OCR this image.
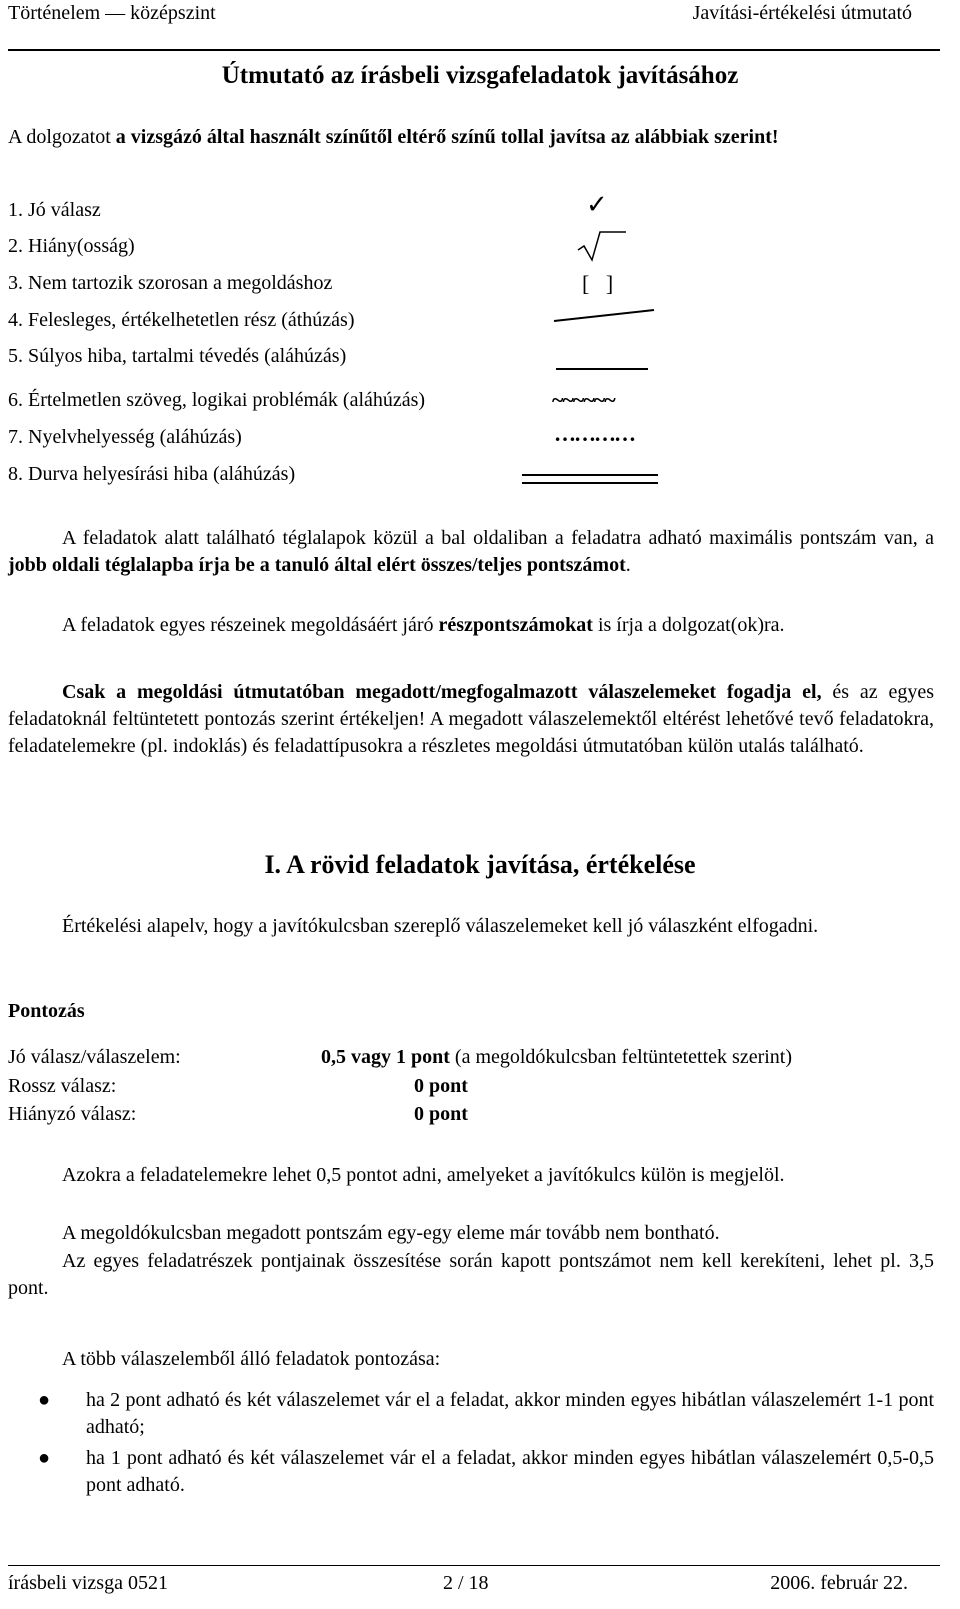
Történelem — középszint	Javítási-értékelési útmutató
Útmutató az írásbeli vizsgafeladatok javításához
A dolgozatot a vizsgázó által használt színűtől eltérő színű tollal javítsa az alábbiak szerint!
1. Jó válasz	✓
2. Hiány(osság)
3. Nem tartozik szorosan a megoldáshoz	[   ]
4. Felesleges, értékelhetetlen rész (áthúzás)
5. Súlyos hiba, tartalmi tévedés (aláhúzás)
6. Értelmetlen szöveg, logikai problémák (aláhúzás)	~~~~~~
7. Nyelvhelyesség (aláhúzás)	…………
8. Durva helyesírási hiba (aláhúzás)
A feladatok alatt található téglalapok közül a bal oldaliban a feladatra adható maximális pontszám van, a jobb oldali téglalapba írja be a tanuló által elért összes/teljes pontszámot.
A feladatok egyes részeinek megoldásáért járó részpontszámokat is írja a dolgozat(ok)ra.
Csak a megoldási útmutatóban megadott/megfogalmazott válaszelemeket fogadja el, és az egyes feladatoknál feltüntetett pontozás szerint értékeljen! A megadott válaszelemektől eltérést lehetővé tevő feladatokra, feladatelemekre (pl. indoklás) és feladattípusokra a részletes megoldási útmutatóban külön utalás található.
I. A rövid feladatok javítása, értékelése
Értékelési alapelv, hogy a javítókulcsban szereplő válaszelemeket kell jó válaszként elfogadni.
Pontozás
Jó válasz/válaszelem:	0,5 vagy 1 pont (a megoldókulcsban feltüntetettek szerint)
Rossz válasz:	0 pont
Hiányzó válasz:	0 pont
Azokra a feladatelemekre lehet 0,5 pontot adni, amelyeket a javítókulcs külön is megjelöl.
A megoldókulcsban megadott pontszám egy-egy eleme már tovább nem bontható.
Az egyes feladatrészek pontjainak összesítése során kapott pontszámot nem kell kerekíteni, lehet pl. 3,5 pont.
A több válaszelemből álló feladatok pontozása:
● ha 2 pont adható és két válaszelemet vár el a feladat, akkor minden egyes hibátlan válaszelemért 1-1 pont adható;
● ha 1 pont adható és két válaszelemet vár el a feladat, akkor minden egyes hibátlan válaszelemért 0,5-0,5 pont adható.
írásbeli vizsga 0521	2 / 18	2006. február 22.
